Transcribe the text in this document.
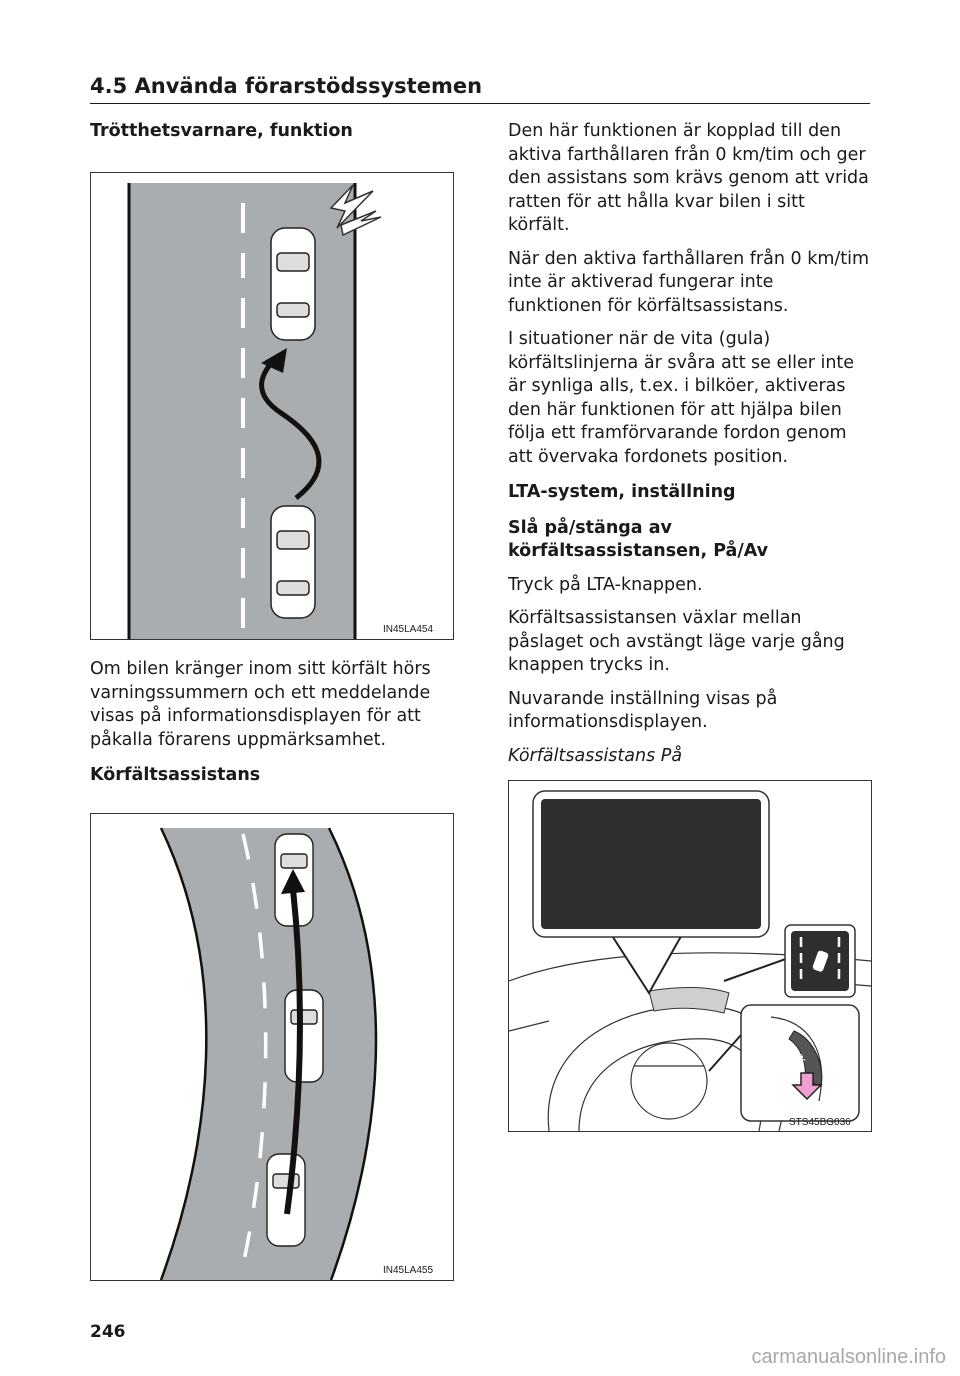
4.5 Använda förarstödssystemen
Trötthetsvarnare, funktion
IN45LA454

Om bilen kränger inom sitt körfält hörs varningssummern och ett meddelande visas på informationsdisplayen för att påkalla förarens uppmärksamhet.

Körfältsassistans
IN45LA455

Den här funktionen är kopplad till den aktiva farthållaren från 0 km/tim och ger den assistans som krävs genom att vrida ratten för att hålla kvar bilen i sitt körfält.

När den aktiva farthållaren från 0 km/tim inte är aktiverad fungerar inte funktionen för körfältsassistans.

I situationer när de vita (gula) körfältslinjerna är svåra att se eller inte är synliga alls, t.ex. i bilköer, aktiveras den här funktionen för att hjälpa bilen följa ett framförvarande fordon genom att övervaka fordonets position.

LTA-system, inställning
Slå på/stänga av körfältsassistansen, På/Av

Tryck på LTA-knappen.

Körfältsassistansen växlar mellan påslaget och avstängt läge varje gång knappen trycks in.

Nuvarande inställning visas på informationsdisplayen.

Körfältsassistans På

⛐
STS45BG036
246
carmanualsonline.info
